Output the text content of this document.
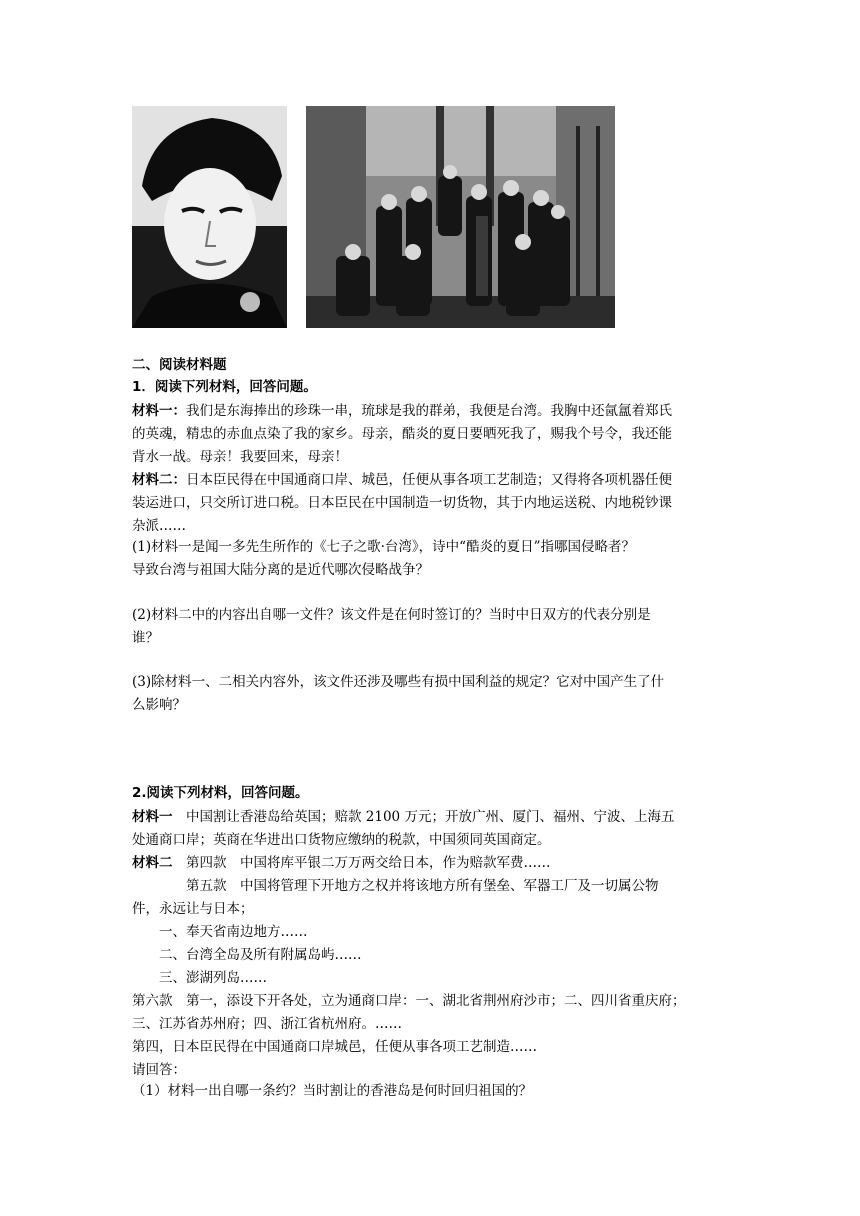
二、阅读材料题
1．阅读下列材料，回答问题。
材料一：我们是东海捧出的珍珠一串，琉球是我的群弟，我便是台湾。我胸中还氤氲着郑氏
的英魂，精忠的赤血点染了我的家乡。母亲，酷炎的夏日要晒死我了，赐我个号令，我还能
背水一战。母亲！我要回来，母亲！
材料二：日本臣民得在中国通商口岸、城邑，任便从事各项工艺制造；又得将各项机器任便
装运进口，只交所订进口税。日本臣民在中国制造一切货物，其于内地运送税、内地税钞课
杂派……
(1)材料一是闻一多先生所作的《七子之歌·台湾》，诗中“酷炎的夏日”指哪国侵略者？
导致台湾与祖国大陆分离的是近代哪次侵略战争？
(2)材料二中的内容出自哪一文件？该文件是在何时签订的？当时中日双方的代表分别是
谁？
(3)除材料一、二相关内容外，该文件还涉及哪些有损中国利益的规定？它对中国产生了什
么影响？
2.阅读下列材料，回答问题。
材料一　中国割让香港岛给英国；赔款 2100 万元；开放广州、厦门、福州、宁波、上海五
处通商口岸；英商在华进出口货物应缴纳的税款，中国须同英国商定。
材料二　第四款　中国将库平银二万万两交给日本，作为赔款军费……
　　　　第五款　中国将管理下开地方之权并将该地方所有堡垒、军器工厂及一切属公物
件，永远让与日本；
　　一、奉天省南边地方……
　　二、台湾全岛及所有附属岛屿……
　　三、澎湖列岛……
第六款　第一，添设下开各处，立为通商口岸：一、湖北省荆州府沙市；二、四川省重庆府；
三、江苏省苏州府；四、浙江省杭州府。……
第四，日本臣民得在中国通商口岸城邑，任便从事各项工艺制造……
请回答：
（1）材料一出自哪一条约？当时割让的香港岛是何时回归祖国的？
